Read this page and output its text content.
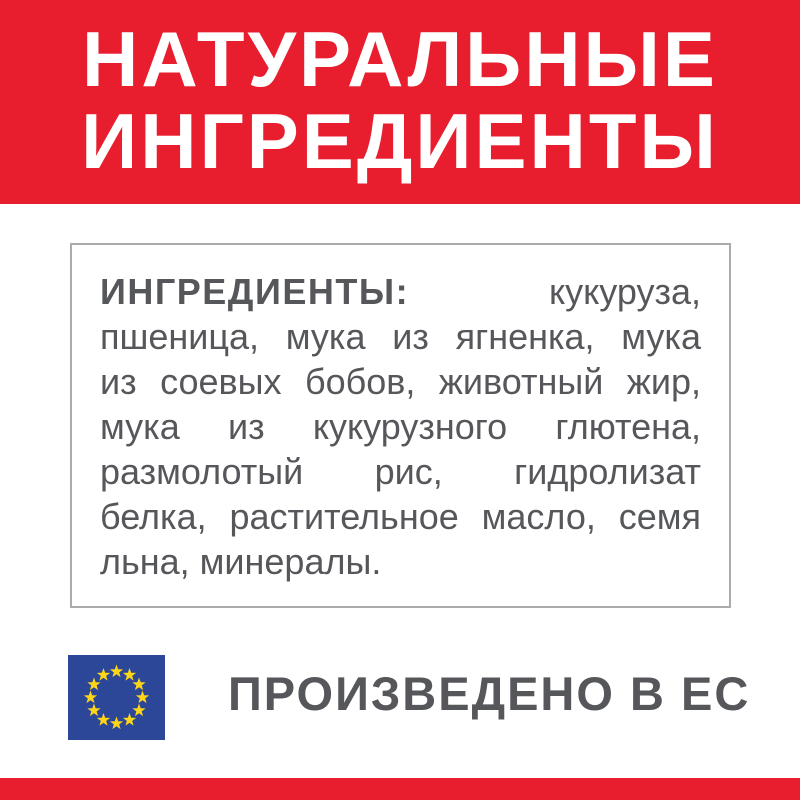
НАТУРАЛЬНЫЕ
ИНГРЕДИЕНТЫ

ИНГРЕДИЕНТЫ:	кукуруза,

пшеница, мука из ягненка, мука

из соевых бобов, животный жир,

мука из кукурузного глютена,

размолотый рис, гидролизат

белка, растительное масло, семя

льна, минералы.

ПРОИЗВЕДЕНО В ЕС
